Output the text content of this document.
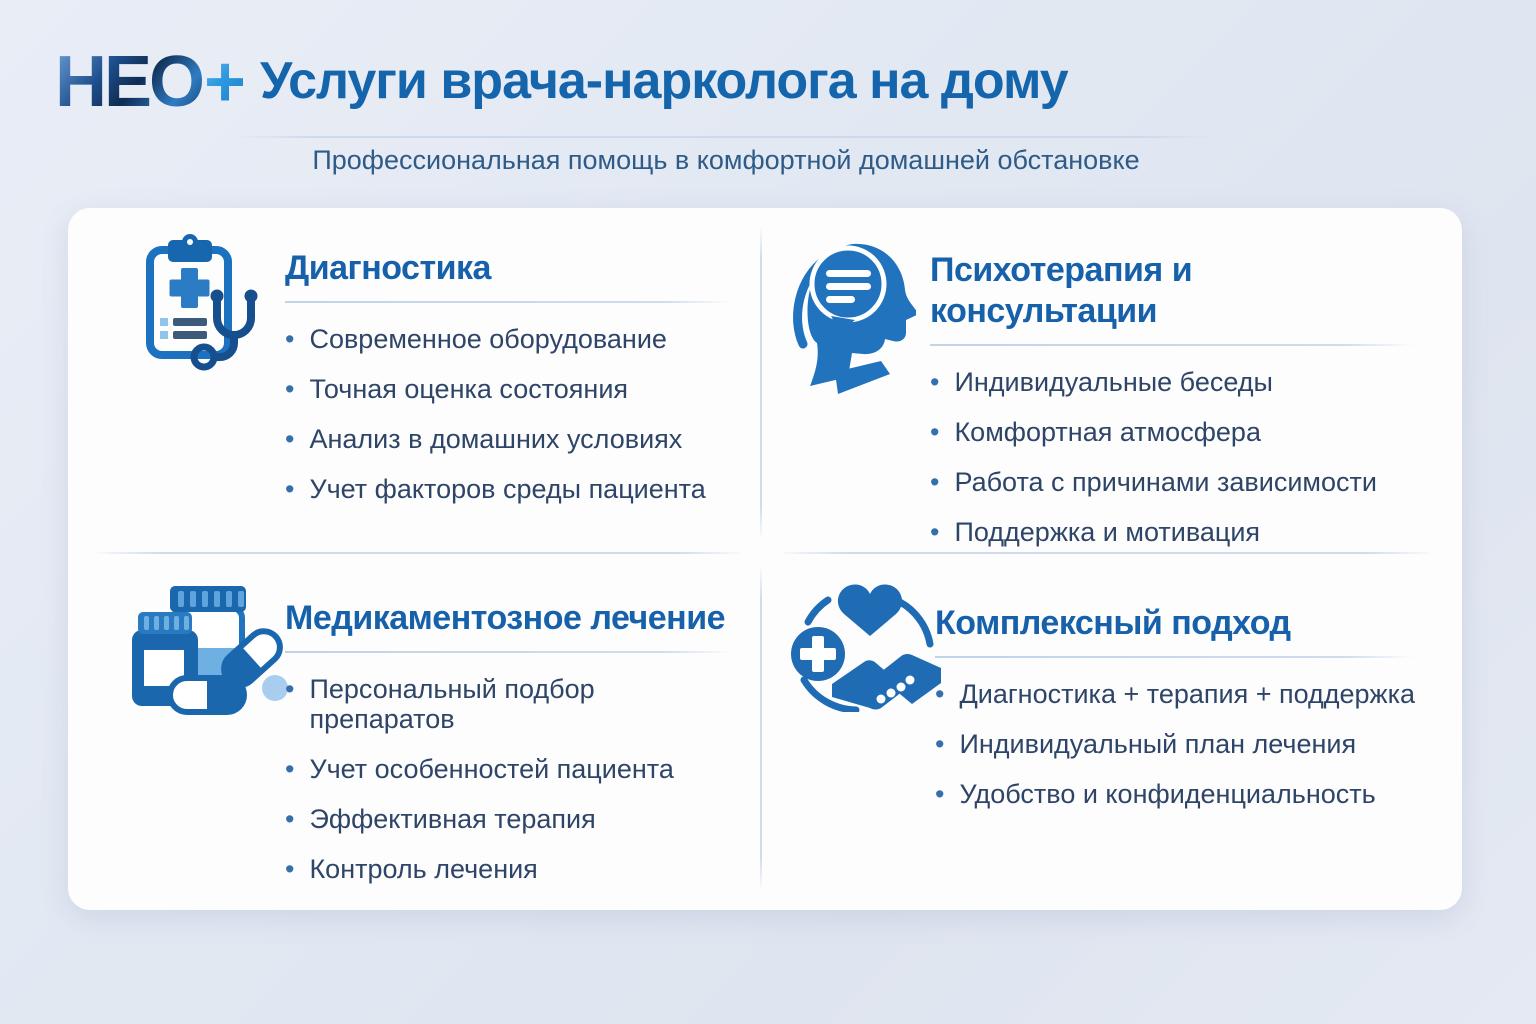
НЕО + Услуги врача-нарколога на дому

Профессиональная помощь в комфортной домашней обстановке

Диагностика
•
Современное оборудование
•
Точная оценка состояния
•
Анализ в домашних условиях
•
Учет факторов среды пациента
Психотерапия и консультации
•
Индивидуальные беседы
•
Комфортная атмосфера
•
Работа с причинами зависимости
•
Поддержка и мотивация
Медикаментозное лечение
•
Персональный подбор препаратов
•
Учет особенностей пациента
•
Эффективная терапия
•
Контроль лечения
Комплексный подход
•
Диагностика + терапия + поддержка
•
Индивидуальный план лечения
•
Удобство и конфиденциальность
